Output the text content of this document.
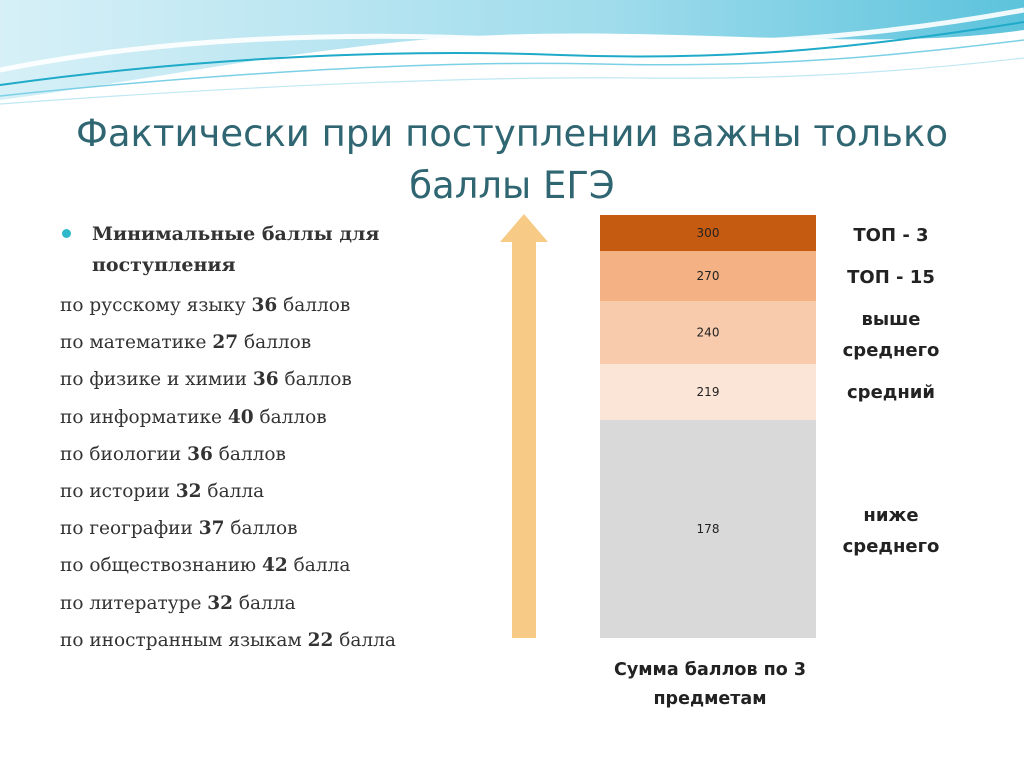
Фактически при поступлении важны только
баллы ЕГЭ
Минимальные баллы для
поступления
по русскому языку 36 баллов
по математике 27 баллов
по физике и химии 36 баллов
по информатике 40 баллов
по биологии 36 баллов
по истории 32 балла
по географии 37 баллов
по обществознанию 42 балла
по литературе 32 балла
по иностранным языкам 22 балла
300
270
240
219
178
ТОП - 3
ТОП - 15
выше
среднего
средний
ниже
среднего
Сумма баллов по 3
предметам
